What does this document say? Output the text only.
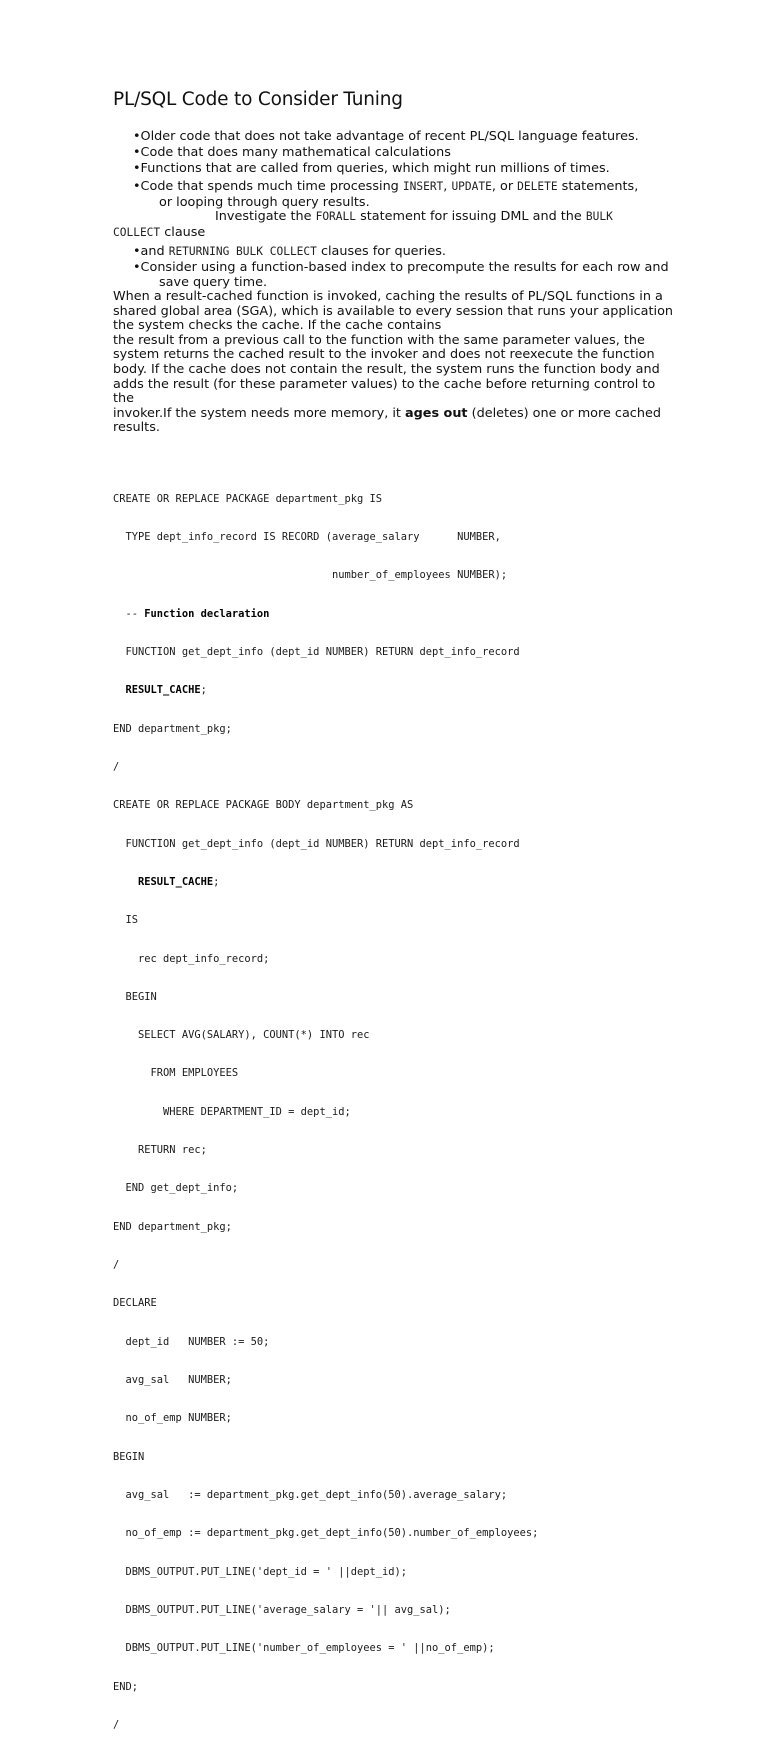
PL/SQL Code to Consider Tuning
•Older code that does not take advantage of recent PL/SQL language features.
•Code that does many mathematical calculations
•Functions that are called from queries, which might run millions of times.
•Code that spends much time processing INSERT, UPDATE, or DELETE statements,
or looping through query results.
Investigate the FORALL statement for issuing DML and the BULK
COLLECT clause
•and RETURNING BULK COLLECT clauses for queries.
•Consider using a function-based index to precompute the results for each row and
save query time.
When a result-cached function is invoked, caching the results of PL/SQL functions in a
shared global area (SGA), which is available to every session that runs your application
the system checks the cache. If the cache contains
the result from a previous call to the function with the same parameter values, the
system returns the cached result to the invoker and does not reexecute the function
body. If the cache does not contain the result, the system runs the function body and
adds the result (for these parameter values) to the cache before returning control to
the
invoker.If the system needs more memory, it ages out (deletes) one or more cached
results.

CREATE OR REPLACE PACKAGE department_pkg IS

TYPE dept_info_record IS RECORD (average_salary      NUMBER,

number_of_employees NUMBER);

-- Function declaration

FUNCTION get_dept_info (dept_id NUMBER) RETURN dept_info_record

RESULT_CACHE;

END department_pkg;

/

CREATE OR REPLACE PACKAGE BODY department_pkg AS

FUNCTION get_dept_info (dept_id NUMBER) RETURN dept_info_record

RESULT_CACHE;

IS

rec dept_info_record;

BEGIN

SELECT AVG(SALARY), COUNT(*) INTO rec

FROM EMPLOYEES

WHERE DEPARTMENT_ID = dept_id;

RETURN rec;

END get_dept_info;

END department_pkg;

/

DECLARE

dept_id   NUMBER := 50;

avg_sal   NUMBER;

no_of_emp NUMBER;

BEGIN

avg_sal   := department_pkg.get_dept_info(50).average_salary;

no_of_emp := department_pkg.get_dept_info(50).number_of_employees;

DBMS_OUTPUT.PUT_LINE('dept_id = ' ||dept_id);

DBMS_OUTPUT.PUT_LINE('average_salary = '|| avg_sal);

DBMS_OUTPUT.PUT_LINE('number_of_employees = ' ||no_of_emp);

END;

/
